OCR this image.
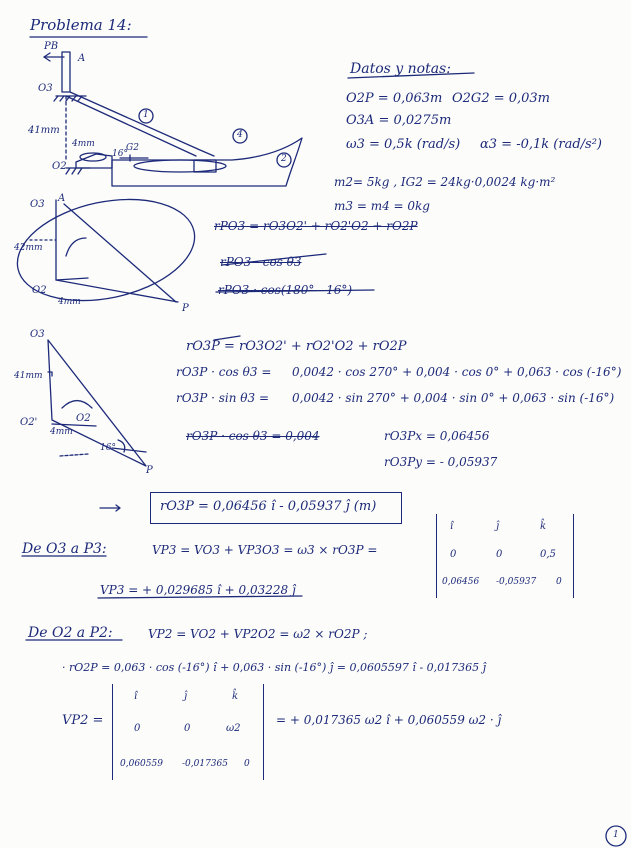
Problema 14:
Datos y notas:
O2P = 0,063m O2G2 = 0,03m
O3A = 0,0275m
ω3 = 0,5k (rad/s) α3 = -0,1k (rad/s²)
m2= 5kg , IG2 = 24kg·0,0024 kg·m²
m3 = m4 = 0kg
A
PB
O3
41mm
4mm
O2
G2
16°
1
4
2
O3
A
42mm
O2
4mm
P
rPO3 = rO3O2' + rO2'O2 + rO2P
rPO3 · cos θ3
rPO3 · cos(180° - 16°)
O3
41mm
O2'
4mm
O2
16°
P
rO3P = rO3O2' + rO2'O2 + rO2P
rO3P · cos θ3 = 0,0042 · cos 270° + 0,004 · cos 0° + 0,063 · cos (-16°)
rO3P · sin θ3 = 0,0042 · sin 270° + 0,004 · sin 0° + 0,063 · sin (-16°)
rO3P · cos θ3 = 0,004	rO3Px = 0,06456
rO3Py = - 0,05937
rO3P = 0,06456 î - 0,05937 ĵ (m)
De O3 a P3:	VP3 = VO3 + VP3O3 = ω3 × rO3P =
VP3 = + 0,029685 î + 0,03228 ĵ
î	ĵ	k̂
0	0	0,5
0,06456 -0,05937 0
De O2 a P2:	VP2 = VO2 + VP2O2 = ω2 × rO2P ;
· rO2P = 0,063 · cos (-16°) î + 0,063 · sin (-16°) ĵ = 0,0605597 î - 0,017365 ĵ
VP2 =
î	ĵ	k̂
0	0	ω2
0,060559 -0,017365 0
= + 0,017365 ω2 î + 0,060559 ω2 · ĵ
1
